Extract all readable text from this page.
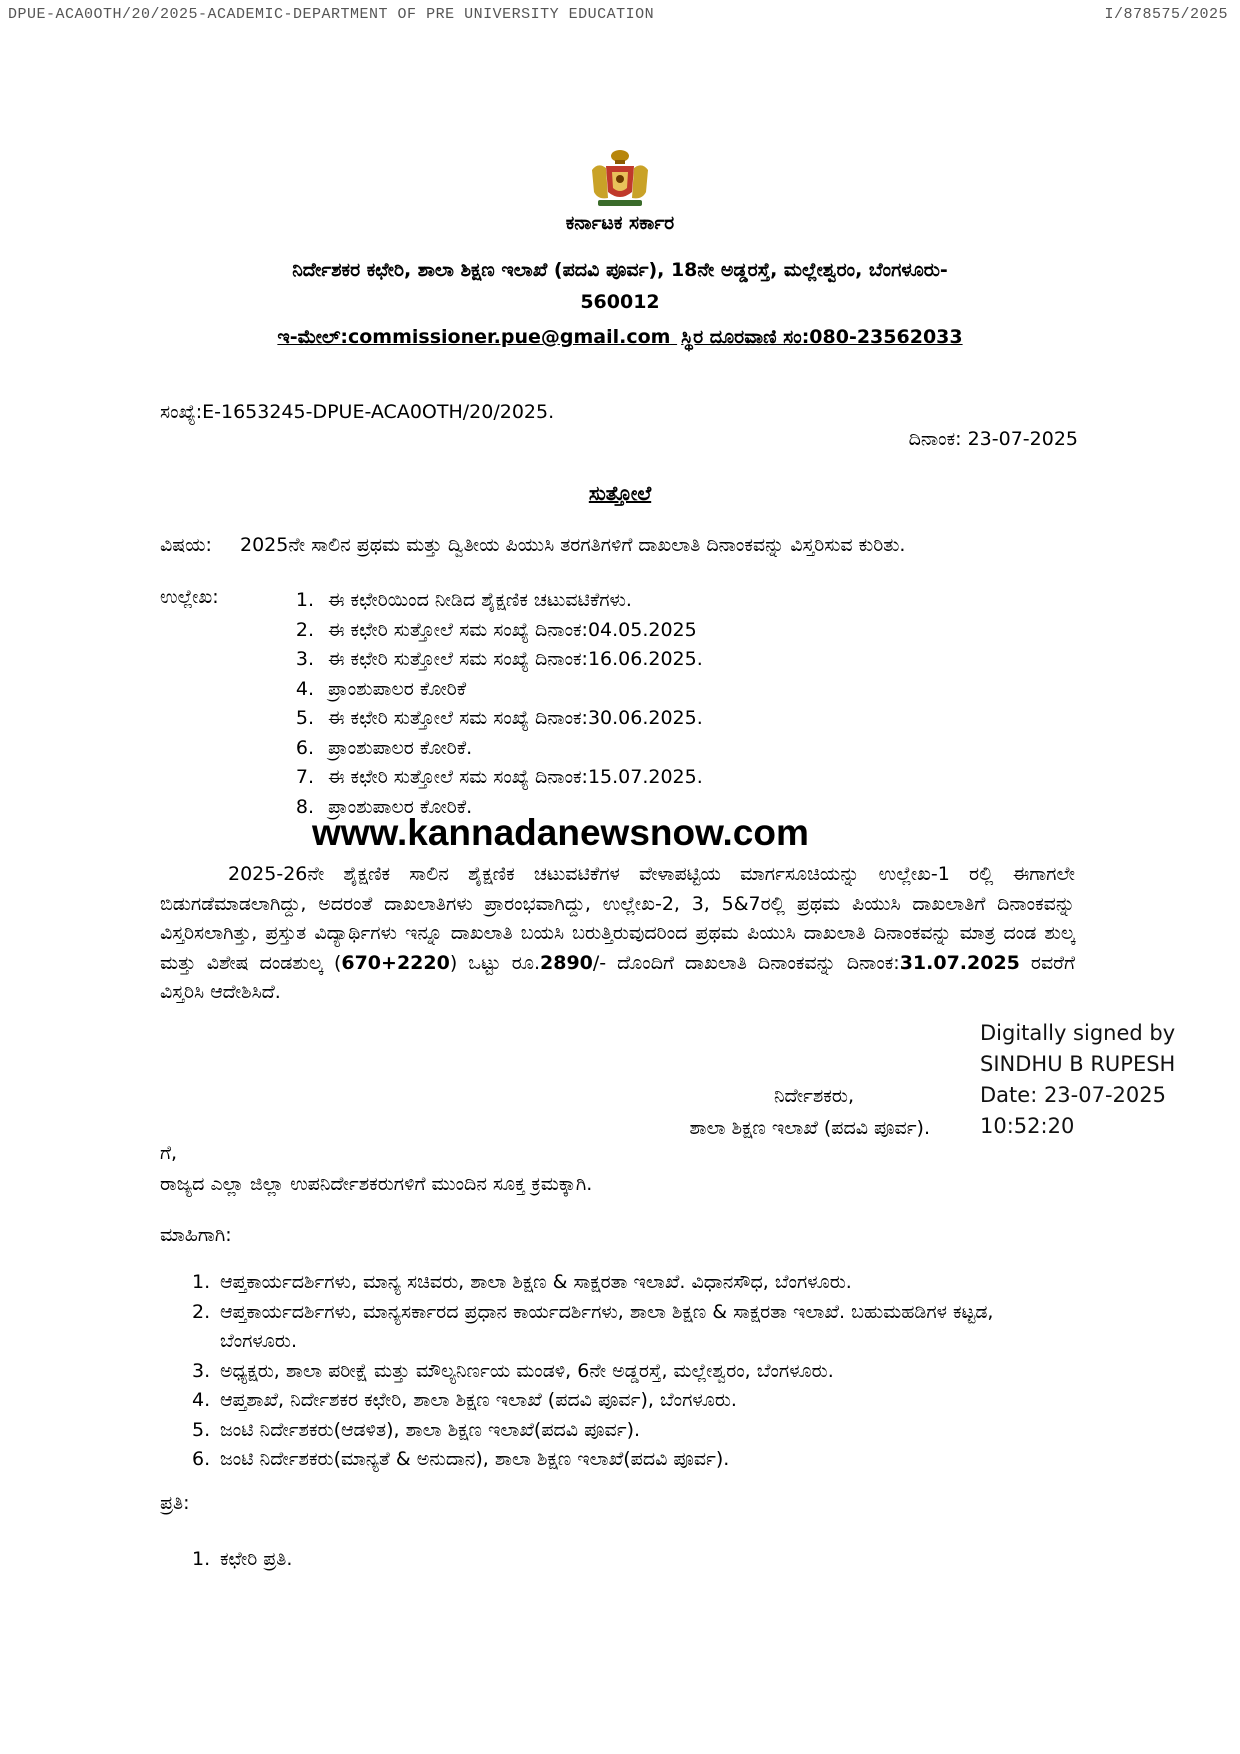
DPUE-ACA0OTH/20/2025-ACADEMIC-DEPARTMENT OF PRE UNIVERSITY EDUCATION	I/878575/2025
ಕರ್ನಾಟಕ ಸರ್ಕಾರ
ನಿರ್ದೇಶಕರ ಕಛೇರಿ, ಶಾಲಾ ಶಿಕ್ಷಣ ಇಲಾಖೆ (ಪದವಿ ಪೂರ್ವ), 18ನೇ ಅಡ್ಡರಸ್ತೆ, ಮಲ್ಲೇಶ್ವರಂ, ಬೆಂಗಳೂರು-
560012
ಇ-ಮೇಲ್:commissioner.pue@gmail.com ಸ್ಥಿರ ದೂರವಾಣಿ ಸಂ:080-23562033
ಸಂಖ್ಯೆ:E-1653245-DPUE-ACA0OTH/20/2025.
ದಿನಾಂಕ: 23-07-2025
ಸುತ್ತೋಲೆ
ವಿಷಯ: 2025ನೇ ಸಾಲಿನ ಪ್ರಥಮ ಮತ್ತು ದ್ವಿತೀಯ ಪಿಯುಸಿ ತರಗತಿಗಳಿಗೆ ದಾಖಲಾತಿ ದಿನಾಂಕವನ್ನು ವಿಸ್ತರಿಸುವ ಕುರಿತು.
ಉಲ್ಲೇಖ:	1. ಈ ಕಛೇರಿಯಿಂದ ನೀಡಿದ ಶೈಕ್ಷಣಿಕ ಚಟುವಟಿಕೆಗಳು.
2. ಈ ಕಛೇರಿ ಸುತ್ತೋಲೆ ಸಮ ಸಂಖ್ಯೆ ದಿನಾಂಕ:04.05.2025
3. ಈ ಕಛೇರಿ ಸುತ್ತೋಲೆ ಸಮ ಸಂಖ್ಯೆ ದಿನಾಂಕ:16.06.2025.
4. ಪ್ರಾಂಶುಪಾಲರ ಕೋರಿಕೆ
5. ಈ ಕಛೇರಿ ಸುತ್ತೋಲೆ ಸಮ ಸಂಖ್ಯೆ ದಿನಾಂಕ:30.06.2025.
6. ಪ್ರಾಂಶುಪಾಲರ ಕೋರಿಕೆ.
7. ಈ ಕಛೇರಿ ಸುತ್ತೋಲೆ ಸಮ ಸಂಖ್ಯೆ ದಿನಾಂಕ:15.07.2025.
8. ಪ್ರಾಂಶುಪಾಲರ ಕೋರಿಕೆ.
www.kannadanewsnow.com
2025-26ನೇ ಶೈಕ್ಷಣಿಕ ಸಾಲಿನ ಶೈಕ್ಷಣಿಕ ಚಟುವಟಿಕೆಗಳ ವೇಳಾಪಟ್ಟಿಯ ಮಾರ್ಗಸೂಚಿಯನ್ನು ಉಲ್ಲೇಖ-1 ರಲ್ಲಿ ಈಗಾಗಲೇ ಬಿಡುಗಡೆಮಾಡಲಾಗಿದ್ದು, ಅದರಂತೆ ದಾಖಲಾತಿಗಳು ಪ್ರಾರಂಭವಾಗಿದ್ದು, ಉಲ್ಲೇಖ-2, 3, 5&7ರಲ್ಲಿ ಪ್ರಥಮ ಪಿಯುಸಿ ದಾಖಲಾತಿಗೆ ದಿನಾಂಕವನ್ನು ವಿಸ್ತರಿಸಲಾಗಿತ್ತು, ಪ್ರಸ್ತುತ ವಿದ್ಯಾರ್ಥಿಗಳು ಇನ್ನೂ ದಾಖಲಾತಿ ಬಯಸಿ ಬರುತ್ತಿರುವುದರಿಂದ ಪ್ರಥಮ ಪಿಯುಸಿ ದಾಖಲಾತಿ ದಿನಾಂಕವನ್ನು ಮಾತ್ರ ದಂಡ ಶುಲ್ಕ ಮತ್ತು ವಿಶೇಷ ದಂಡಶುಲ್ಕ (670+2220) ಒಟ್ಟು ರೂ.2890/- ದೊಂದಿಗೆ ದಾಖಲಾತಿ ದಿನಾಂಕವನ್ನು ದಿನಾಂಕ:31.07.2025 ರವರೆಗೆ ವಿಸ್ತರಿಸಿ ಆದೇಶಿಸಿದೆ.
Digitally signed by
SINDHU B RUPESH
Date: 23-07-2025
10:52:20
ನಿರ್ದೇಶಕರು,
ಶಾಲಾ ಶಿಕ್ಷಣ ಇಲಾಖೆ (ಪದವಿ ಪೂರ್ವ).
ಗೆ,
ರಾಜ್ಯದ ಎಲ್ಲಾ ಜಿಲ್ಲಾ ಉಪನಿರ್ದೇಶಕರುಗಳಿಗೆ ಮುಂದಿನ ಸೂಕ್ತ ಕ್ರಮಕ್ಕಾಗಿ.
ಮಾಹಿಗಾಗಿ:
1. ಆಪ್ತಕಾರ್ಯದರ್ಶಿಗಳು, ಮಾನ್ಯ ಸಚಿವರು, ಶಾಲಾ ಶಿಕ್ಷಣ & ಸಾಕ್ಷರತಾ ಇಲಾಖೆ. ವಿಧಾನಸೌಧ, ಬೆಂಗಳೂರು.
2. ಆಪ್ತಕಾರ್ಯದರ್ಶಿಗಳು, ಮಾನ್ಯಸರ್ಕಾರದ ಪ್ರಧಾನ ಕಾರ್ಯದರ್ಶಿಗಳು, ಶಾಲಾ ಶಿಕ್ಷಣ & ಸಾಕ್ಷರತಾ ಇಲಾಖೆ. ಬಹುಮಹಡಿಗಳ ಕಟ್ಟಡ, ಬೆಂಗಳೂರು.
3. ಅಧ್ಯಕ್ಷರು, ಶಾಲಾ ಪರೀಕ್ಷೆ ಮತ್ತು ಮೌಲ್ಯನಿರ್ಣಯ ಮಂಡಳಿ, 6ನೇ ಅಡ್ಡರಸ್ತೆ, ಮಲ್ಲೇಶ್ವರಂ, ಬೆಂಗಳೂರು.
4. ಆಪ್ತಶಾಖೆ, ನಿರ್ದೇಶಕರ ಕಛೇರಿ, ಶಾಲಾ ಶಿಕ್ಷಣ ಇಲಾಖೆ (ಪದವಿ ಪೂರ್ವ), ಬೆಂಗಳೂರು.
5. ಜಂಟಿ ನಿರ್ದೇಶಕರು(ಆಡಳಿತ), ಶಾಲಾ ಶಿಕ್ಷಣ ಇಲಾಖೆ(ಪದವಿ ಪೂರ್ವ).
6. ಜಂಟಿ ನಿರ್ದೇಶಕರು(ಮಾನ್ಯತೆ & ಅನುದಾನ), ಶಾಲಾ ಶಿಕ್ಷಣ ಇಲಾಖೆ(ಪದವಿ ಪೂರ್ವ).
ಪ್ರತಿ:
1. ಕಛೇರಿ ಪ್ರತಿ.
